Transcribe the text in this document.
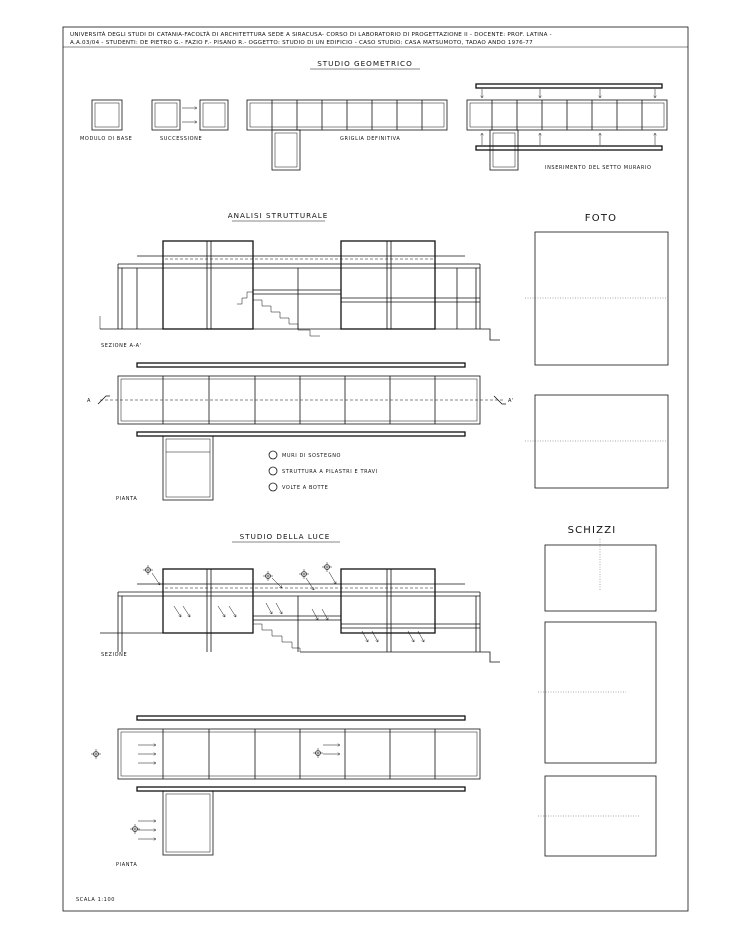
UNIVERSITÀ DEGLI STUDI DI CATANIA-FACOLTÀ DI ARCHITETTURA SEDE A SIRACUSA- CORSO DI LABORATORIO DI PROGETTAZIONE II - DOCENTE: PROF. LATINA -
A.A.03/04 - STUDENTI: DE PIETRO G.- FAZIO F.- PISANO R.- OGGETTO: STUDIO DI UN EDIFICIO - CASO STUDIO: CASA MATSUMOTO, TADAO ANDO 1976-77
STUDIO GEOMETRICO
MODULO DI BASE	SUCCESSIONE	GRIGLIA DEFINITIVA
INSERIMENTO DEL SETTO MURARIO
ANALISI STRUTTURALE
SEZIONE A-A'
A	A'
PIANTA
MURI DI SOSTEGNO
STRUTTURA A PILASTRI E TRAVI
VOLTE A BOTTE
FOTO
STUDIO DELLA LUCE
SEZIONE
PIANTA
SCHIZZI
SCALA 1:100
